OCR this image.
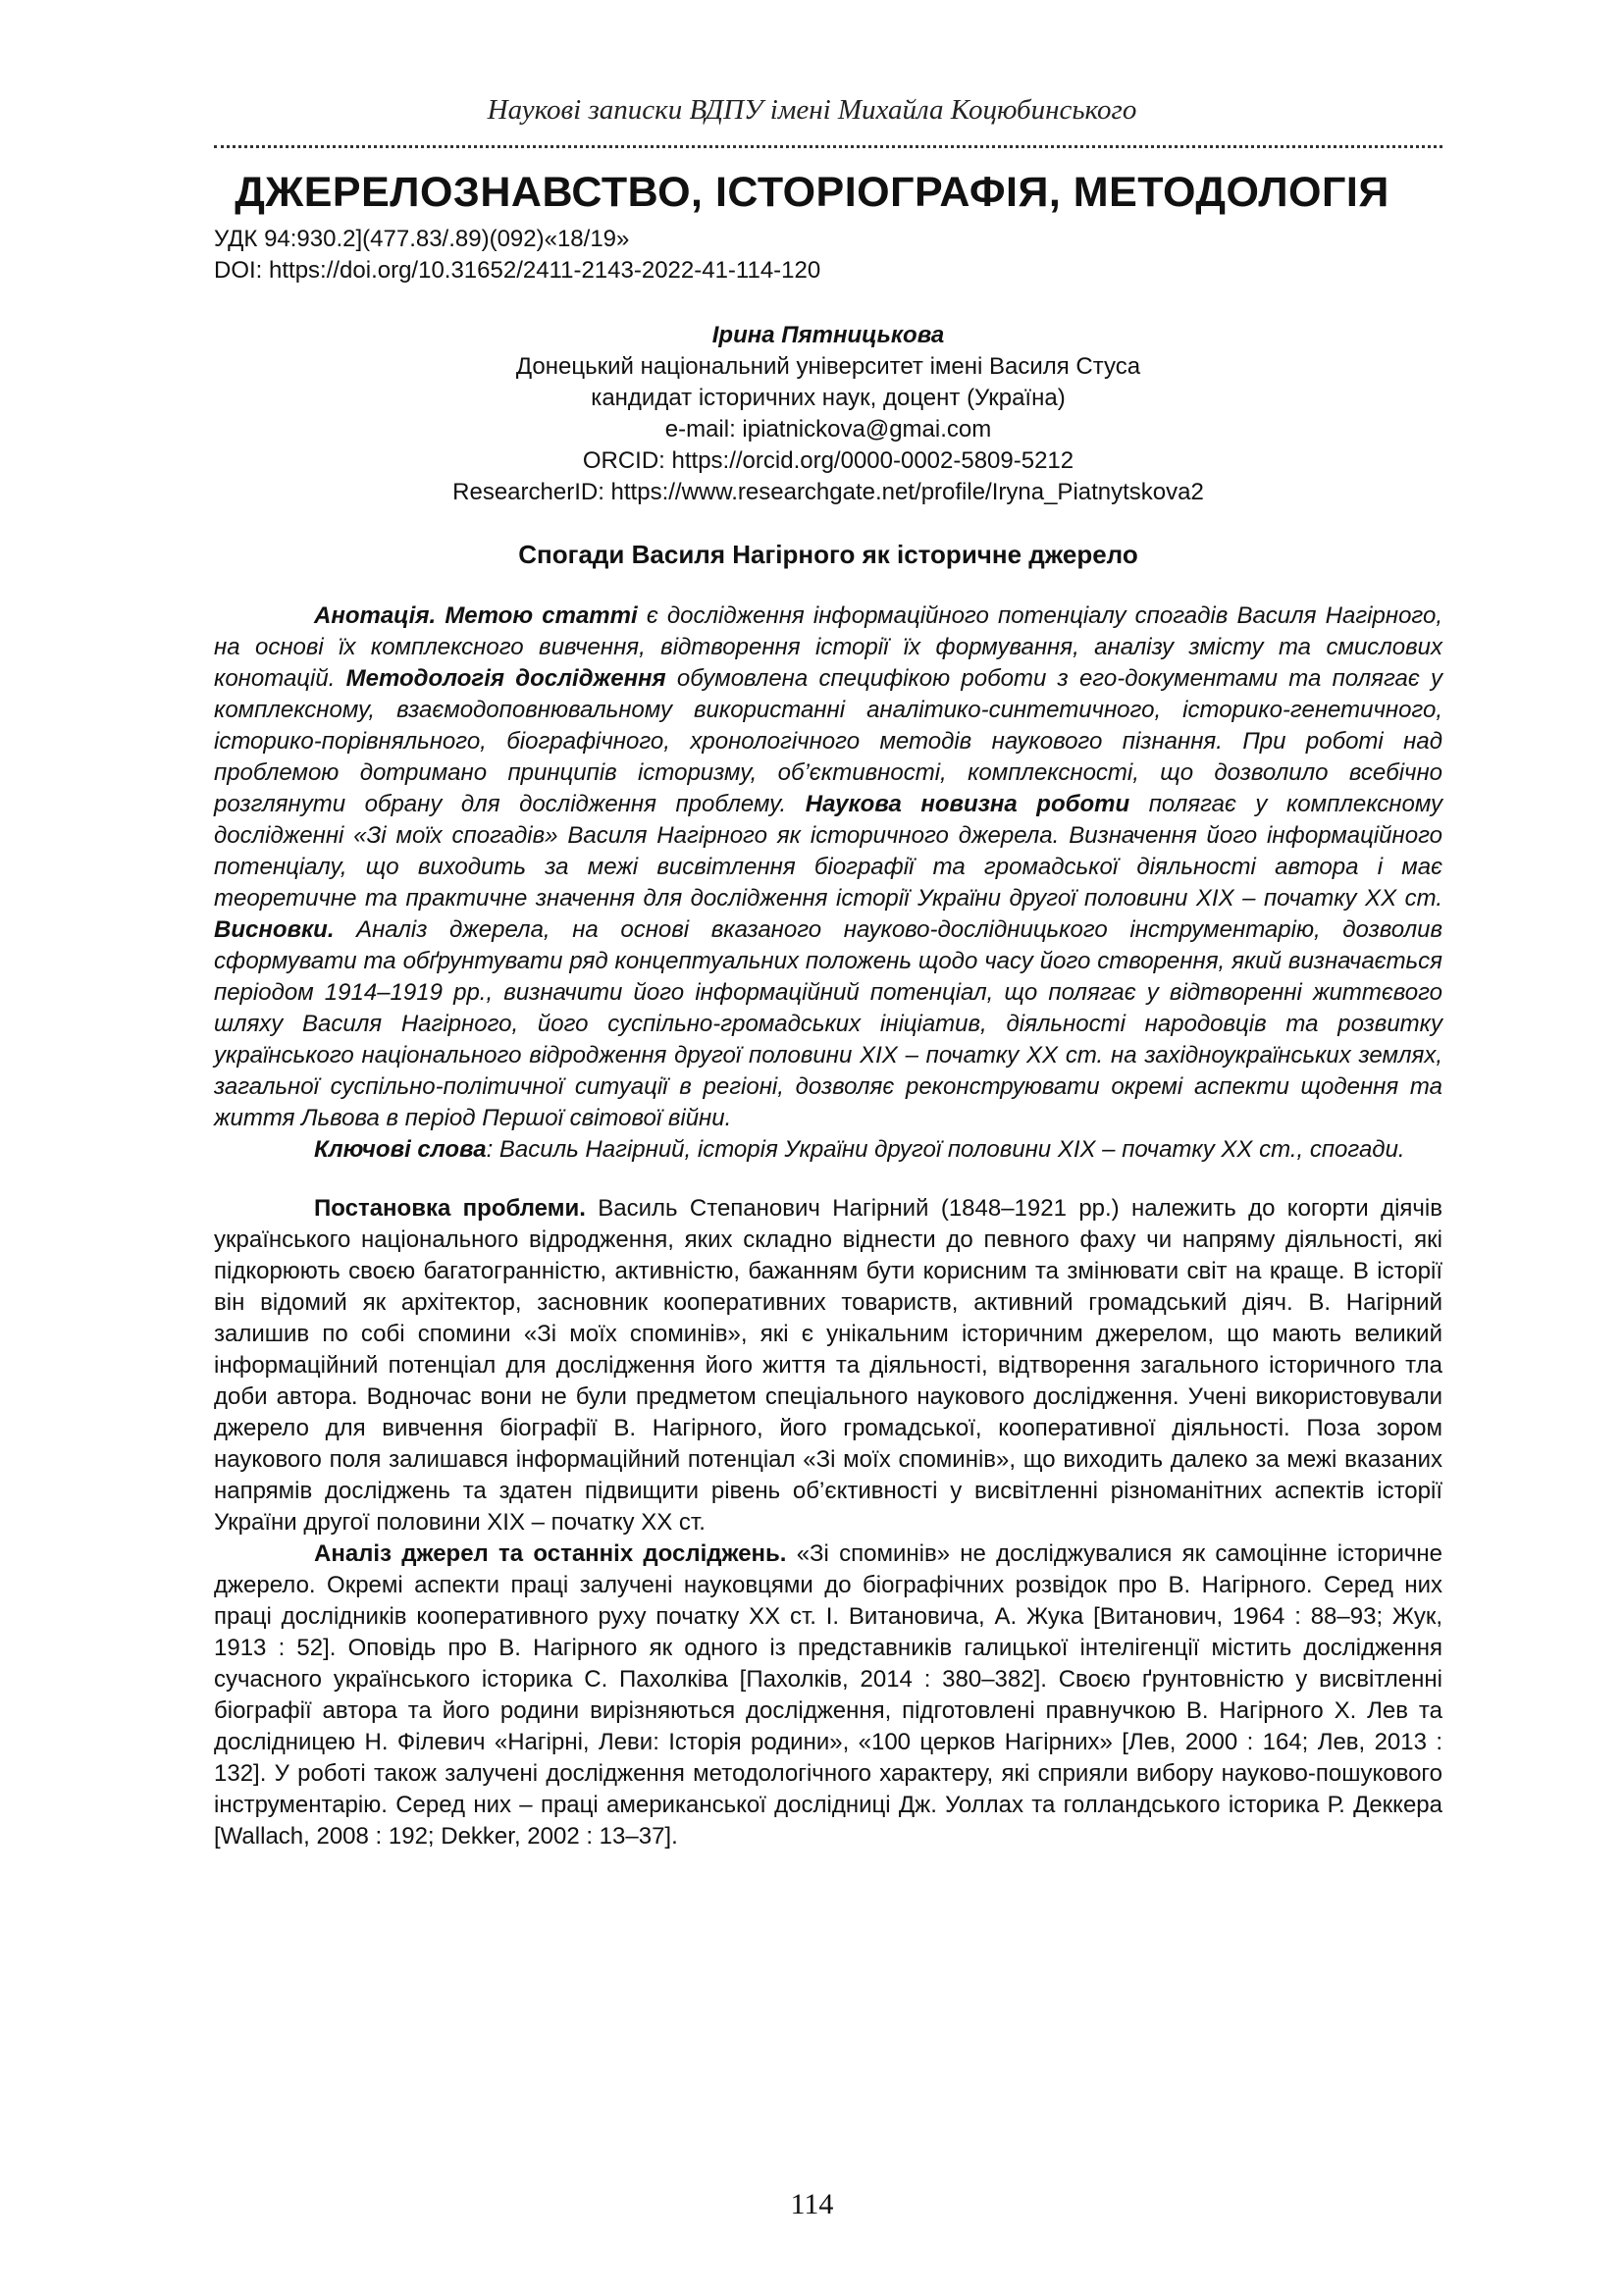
Наукові записки ВДПУ імені Михайла Коцюбинського
ДЖЕРЕЛОЗНАВСТВО, ІСТОРІОГРАФІЯ, МЕТОДОЛОГІЯ
УДК 94:930.2](477.83/.89)(092)«18/19»
DOI: https://doi.org/10.31652/2411-2143-2022-41-114-120
Ірина Пятницькова
Донецький національний університет імені Василя Стуса
кандидат історичних наук, доцент (Україна)
e-mail: ipiatnickova@gmai.com
ORCID: https://orcid.org/0000-0002-5809-5212
ResearcherID: https://www.researchgate.net/profile/Iryna_Piatnytskova2
Спогади Василя Нагірного як історичне джерело

Анотація. Метою статті є дослідження інформаційного потенціалу спогадів Василя Нагірного, на основі їх комплексного вивчення, відтворення історії їх формування, аналізу змісту та смислових конотацій. Методологія дослідження обумовлена специфікою роботи з его-документами та полягає у комплексному, взаємодоповнювальному використанні аналітико-синтетичного, історико-генетичного, історико-порівняльного, біографічного, хронологічного методів наукового пізнання. При роботі над проблемою дотримано принципів історизму, об’єктивності, комплексності, що дозволило всебічно розглянути обрану для дослідження проблему. Наукова новизна роботи полягає у комплексному дослідженні «Зі моїх спогадів» Василя Нагірного як історичного джерела. Визначення його інформаційного потенціалу, що виходить за межі висвітлення біографії та громадської діяльності автора і має теоретичне та практичне значення для дослідження історії України другої половини ХІХ – початку ХХ ст. Висновки. Аналіз джерела, на основі вказаного науково-дослідницького інструментарію, дозволив сформувати та обґрунтувати ряд концептуальних положень щодо часу його створення, який визначається періодом 1914–1919 рр., визначити його інформаційний потенціал, що полягає у відтворенні життєвого шляху Василя Нагірного, його суспільно-громадських ініціатив, діяльності народовців та розвитку українського національного відродження другої половини ХІХ – початку ХХ ст. на західноукраїнських землях, загальної суспільно-політичної ситуації в регіоні, дозволяє реконструювати окремі аспекти щодення та життя Львова в період Першої світової війни.

Ключові слова: Василь Нагірний, історія України другої половини ХІХ – початку ХХ ст., спогади.

Постановка проблеми. Василь Степанович Нагірний (1848–1921 рр.) належить до когорти діячів українського національного відродження, яких складно віднести до певного фаху чи напряму діяльності, які підкорюють своєю багатогранністю, активністю, бажанням бути корисним та змінювати світ на краще. В історії він відомий як архітектор, засновник кооперативних товариств, активний громадський діяч. В. Нагірний залишив по собі спомини «Зі моїх споминів», які є унікальним історичним джерелом, що мають великий інформаційний потенціал для дослідження його життя та діяльності, відтворення загального історичного тла доби автора. Водночас вони не були предметом спеціального наукового дослідження. Учені використовували джерело для вивчення біографії В. Нагірного, його громадської, кооперативної діяльності. Поза зором наукового поля залишався інформаційний потенціал «Зі моїх споминів», що виходить далеко за межі вказаних напрямів досліджень та здатен підвищити рівень об’єктивності у висвітленні різноманітних аспектів історії України другої половини ХІХ – початку ХХ ст.

Аналіз джерел та останніх досліджень. «Зі споминів» не досліджувалися як самоцінне історичне джерело. Окремі аспекти праці залучені науковцями до біографічних розвідок про В. Нагірного. Серед них праці дослідників кооперативного руху початку ХХ ст. І. Витановича, А. Жука [Витанович, 1964 : 88–93; Жук, 1913 : 52]. Оповідь про В. Нагірного як одного із представників галицької інтелігенції містить дослідження сучасного українського історика С. Пахолківа [Пахолків, 2014 : 380–382]. Своєю ґрунтовністю у висвітленні біографії автора та його родини вирізняються дослідження, підготовлені правнучкою В. Нагірного Х. Лев та дослідницею Н. Філевич «Нагірні, Леви: Історія родини», «100 церков Нагірних» [Лев, 2000 : 164; Лев, 2013 : 132]. У роботі також залучені дослідження методологічного характеру, які сприяли вибору науково-пошукового інструментарію. Серед них – праці американської дослідниці Дж. Уоллах та голландського історика Р. Деккера [Wallach, 2008 : 192; Dekker, 2002 : 13–37].

114
